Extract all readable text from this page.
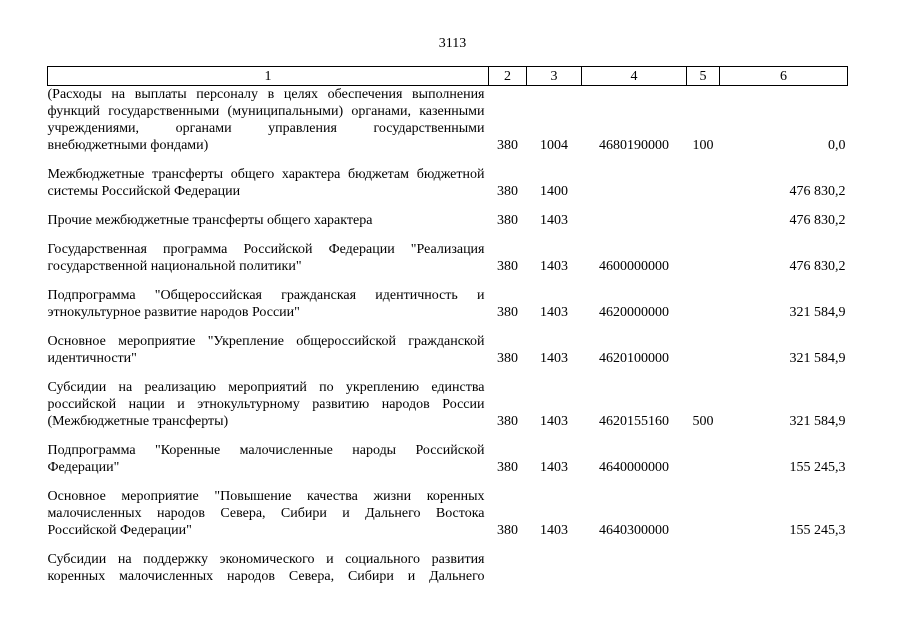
3113
1	2	3	4	5	6
(Расходы на выплаты персоналу в целях обеспечения выполнения функций государственными (муниципальными) органами, казенными учреждениями, органами управления государственными внебюджетными фондами)	380	1004	4680190000	100	0,0

Межбюджетные трансферты общего характера бюджетам бюджетной системы Российской Федерации	380	1400			476 830,2

Прочие межбюджетные трансферты общего характера	380	1403			476 830,2

Государственная программа Российской Федерации "Реализация государственной национальной политики"	380	1403	4600000000		476 830,2

Подпрограмма "Общероссийская гражданская идентичность и этнокультурное развитие народов России"	380	1403	4620000000		321 584,9

Основное мероприятие "Укрепление общероссийской гражданской идентичности"	380	1403	4620100000		321 584,9

Субсидии на реализацию мероприятий по укреплению единства российской нации и этнокультурному развитию народов России (Межбюджетные трансферты)	380	1403	4620155160	500	321 584,9

Подпрограмма "Коренные малочисленные народы Российской Федерации"	380	1403	4640000000		155 245,3

Основное мероприятие "Повышение качества жизни коренных малочисленных народов Севера, Сибири и Дальнего Востока Российской Федерации"	380	1403	4640300000		155 245,3

Субсидии на поддержку экономического и социального развития коренных малочисленных народов Севера, Сибири и Дальнего					
